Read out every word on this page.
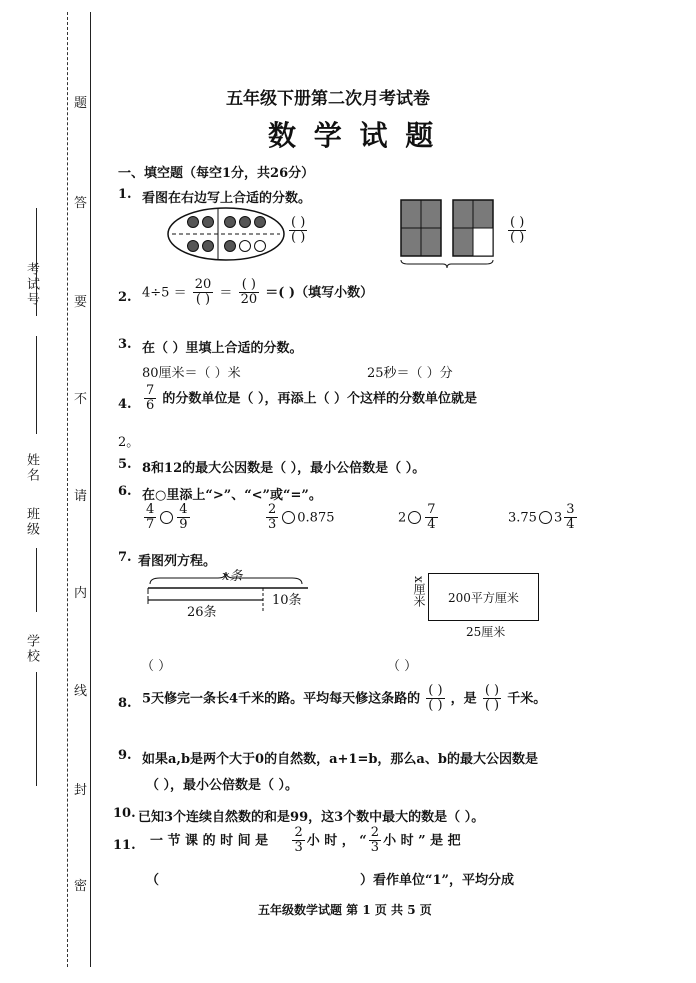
考试号
姓名
班级
学校
题
答
要
不
请
内
线
封
密
五年级下册第二次月考试卷
数 学 试 题
一、填空题（每空1分，共26分）
1. 看图在右边写上合适的分数。
$\frac{( )}{( )}$	$\frac{( )}{( )}$
2. $4\div 5 = \frac{20}{( )} = \frac{( )}{20}$ ＝( )（填写小数）
3. 在（ ）里填上合适的分数。
80厘米＝（ ）米	25秒＝（ ）分
4. $\frac{7}{6}$ 的分数单位是（ ），再添上（ ）个这样的分数单位就是
2。
5. 8和12的最大公因数是（ ），最小公倍数是（ ）。
6. 在○里添上“>”、“<”或“=”。
$\frac{4}{7} \frac{4}{9}$	$\frac{2}{3} 0.875$	$2 \frac{7}{4}$	3.75 $3 \frac{3}{4}$
7. 看图列方程。
x条
26条
10条	200平方厘米
x厘米
25厘米
（ ）	（ ）
8. 5天修完一条长4千米的路。平均每天修这条路的 $\frac{( )}{( )}$ ，是 $\frac{( )}{( )}$ 千米。
9. 如果a,b是两个大于0的自然数，a+1=b，那么a、b的最大公因数是
（ ），最小公倍数是（ ）。
10. 已知3个连续自然数的和是99，这3个数中最大的数是（ ）。
11. 一 节 课 的 时 间 是 $\frac{2}{3}$ 小 时 ， “ $\frac{2}{3}$ 小 时 ” 是 把
（	）看作单位“1”，平均分成
五年级数学试题 第 1 页 共 5 页
